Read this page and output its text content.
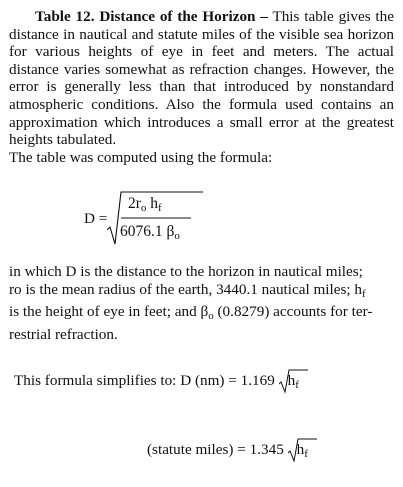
Table 12. Distance of the Horizon – This table gives the distance in nautical and statute miles of the visible sea horizon for various heights of eye in feet and meters. The actual distance varies somewhat as refraction changes. However, the error is generally less than that introduced by nonstandard atmospheric conditions. Also the formula used contains an approximation which introduces a small error at the greatest heights tabulated.

The table was computed using the formula:

D =
$2r_o$ $h_f$
6076.1 $\beta_o$
in which D is the distance to the horizon in nautical miles;
ro is the mean radius of the earth, 3440.1 nautical miles; $h_f$
is the height of eye in feet; and $\beta_o$ (0.8279) accounts for ter-
restrial refraction.
This formula simplifies to: D (nm) = 1.169 $h_f$
(statute miles) = 1.345 $h_f$
